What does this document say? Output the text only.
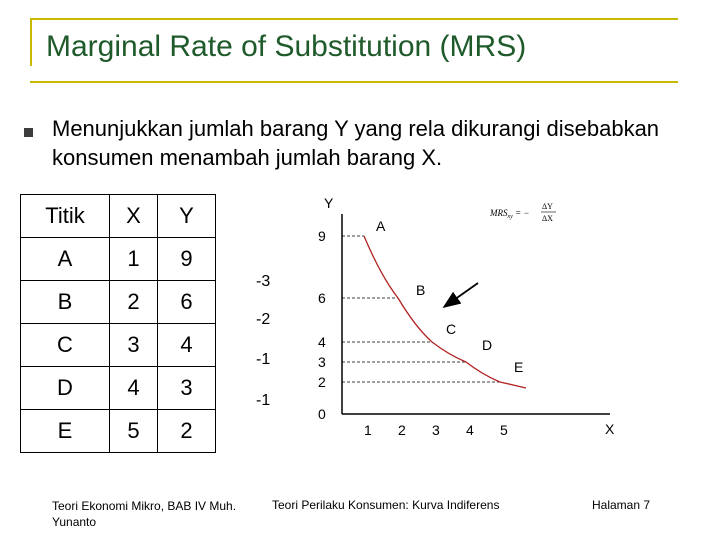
Marginal Rate of Substitution (MRS)
Menunjukkan jumlah barang Y yang rela dikurangi disebabkan konsumen menambah jumlah barang X.
Titik	X	Y
A	1	9
B	2	6
C	3	4
D	4	3
E	5	2
-3
-2
-1
-1
Y
X
9
6
4
3
2
0
1 2 3 4 5
A
B
C
D
E
$MRS_{xy}$ = −
ΔY
ΔX
Teori Ekonomi Mikro, BAB IV Muh. Yunanto
Teori Perilaku Konsumen: Kurva Indiferens	Halaman 7
